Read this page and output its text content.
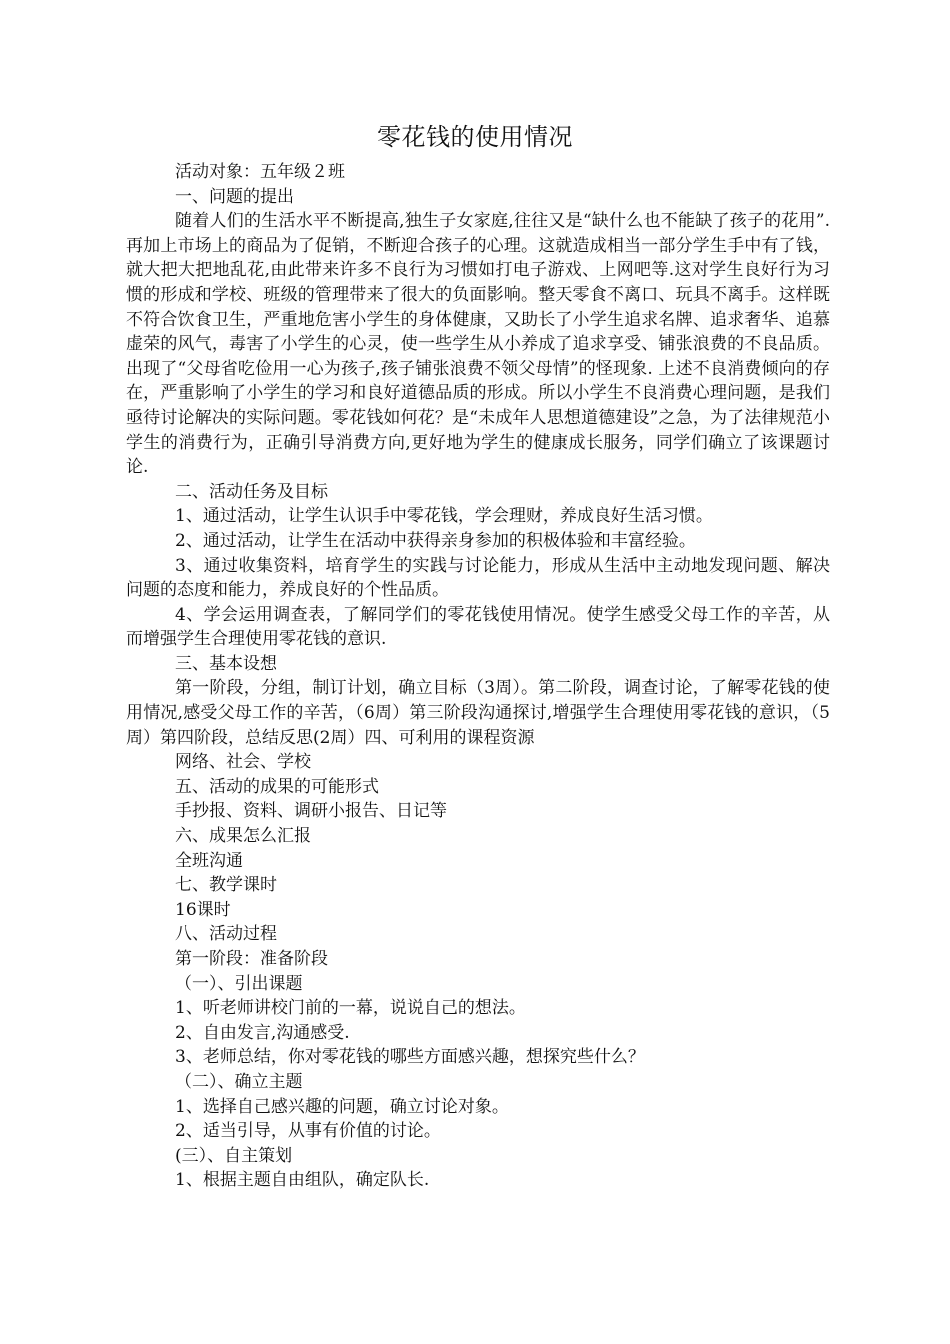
零花钱的使用情况

活动对象：五年级２班

一、问题的提出

随着人们的生活水平不断提高,独生子女家庭,往往又是“缺什么也不能缺了孩子的花用”.再加上市场上的商品为了促销，不断迎合孩子的心理。这就造成相当一部分学生手中有了钱，就大把大把地乱花,由此带来许多不良行为习惯如打电子游戏、上网吧等.这对学生良好行为习惯的形成和学校、班级的管理带来了很大的负面影响。整天零食不离口、玩具不离手。这样既不符合饮食卫生，严重地危害小学生的身体健康，又助长了小学生追求名牌、追求奢华、追慕虚荣的风气，毒害了小学生的心灵，使一些学生从小养成了追求享受、铺张浪费的不良品质。出现了“父母省吃俭用一心为孩子,孩子铺张浪费不领父母情”的怪现象. 上述不良消费倾向的存在，严重影响了小学生的学习和良好道德品质的形成。所以小学生不良消费心理问题，是我们亟待讨论解决的实际问题。零花钱如何花？是“未成年人思想道德建设”之急，为了法律规范小学生的消费行为，正确引导消费方向,更好地为学生的健康成长服务，同学们确立了该课题讨论.

二、活动任务及目标

1、通过活动，让学生认识手中零花钱，学会理财，养成良好生活习惯。

2、通过活动，让学生在活动中获得亲身参加的积极体验和丰富经验。

3、通过收集资料，培育学生的实践与讨论能力，形成从生活中主动地发现问题、解决问题的态度和能力，养成良好的个性品质。

4、学会运用调查表，了解同学们的零花钱使用情况。使学生感受父母工作的辛苦，从而增强学生合理使用零花钱的意识.

三、基本设想

第一阶段，分组，制订计划，确立目标（3周）。第二阶段，调查讨论，了解零花钱的使用情况,感受父母工作的辛苦，（6周）第三阶段沟通探讨,增强学生合理使用零花钱的意识，（5周）第四阶段，总结反思(2周）四、可利用的课程资源

网络、社会、学校

五、活动的成果的可能形式

手抄报、资料、调研小报告、日记等

六、成果怎么汇报

全班沟通

七、教学课时

16课时

八、活动过程

第一阶段：准备阶段

（一）、引出课题

1、听老师讲校门前的一幕，说说自己的想法。

2、自由发言,沟通感受.

3、老师总结，你对零花钱的哪些方面感兴趣，想探究些什么？

（二）、确立主题

1、选择自己感兴趣的问题，确立讨论对象。

2、适当引导，从事有价值的讨论。

(三）、自主策划

1、根据主题自由组队，确定队长.
